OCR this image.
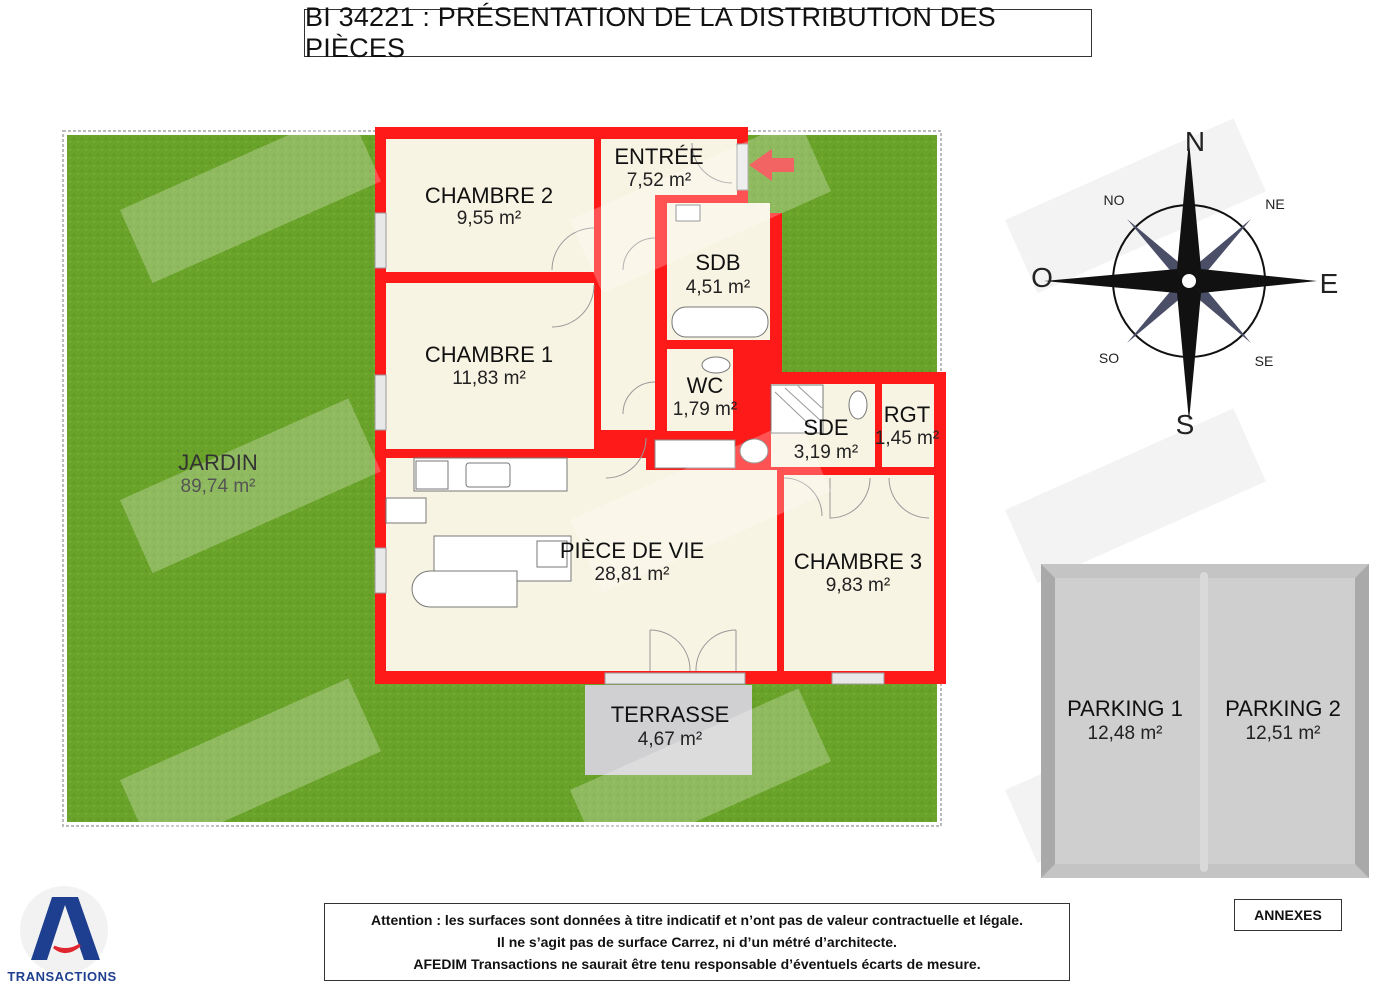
BI 34221 : PRÉSENTATION DE LA DISTRIBUTION DES PIÈCES
CHAMBRE 2
9,55 m²
ENTRÉE
7,52 m²
SDB
4,51 m²
CHAMBRE 1
11,83 m²	WC
1,79 m²
SDE
3,19 m²
RGT
1,45 m²
PIÈCE DE VIE
28,81 m²
CHAMBRE 3
9,83 m²
JARDIN
89,74 m²
TERRASSE
4,67 m²
N
S
O	E
NO	NE
SO	SE
PARKING 1
12,48 m²
PARKING 2
12,51 m²
TRANSACTIONS
Attention : les surfaces sont données à titre indicatif et n’ont pas de valeur contractuelle et légale.
Il ne s’agit pas de surface Carrez, ni d’un métré d’architecte.
AFEDIM Transactions ne saurait être tenu responsable d’éventuels écarts de mesure.
ANNEXES
